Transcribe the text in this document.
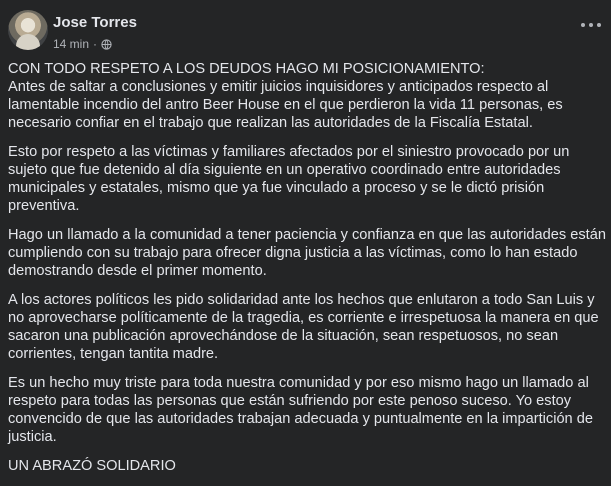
Jose Torres
14 min ·

CON TODO RESPETO A LOS DEUDOS HAGO MI POSICIONAMIENTO:
Antes de saltar a conclusiones y emitir juicios inquisidores y anticipados respecto al lamentable incendio del antro Beer House en el que perdieron la vida 11 personas, es necesario confiar en el trabajo que realizan las autoridades de la Fiscalía Estatal.

Esto por respeto a las víctimas y familiares afectados por el siniestro provocado por un sujeto que fue detenido al día siguiente en un operativo coordinado entre autoridades municipales y estatales, mismo que ya fue vinculado a proceso y se le dictó prisión preventiva.

Hago un llamado a la comunidad a tener paciencia y confianza en que las autoridades están cumpliendo con su trabajo para ofrecer digna justicia a las víctimas, como lo han estado demostrando desde el primer momento.

A los actores políticos les pido solidaridad ante los hechos que enlutaron a todo San Luis y no aprovecharse políticamente de la tragedia, es corriente e irrespetuosa la manera en que sacaron una publicación aprovechándose de la situación, sean respetuosos, no sean corrientes, tengan tantita madre.

Es un hecho muy triste para toda nuestra comunidad y por eso mismo hago un llamado al respeto para todas las personas que están sufriendo por este penoso suceso. Yo estoy convencido de que las autoridades trabajan adecuada y puntualmente en la impartición de justicia.

UN ABRAZÓ SOLIDARIO
